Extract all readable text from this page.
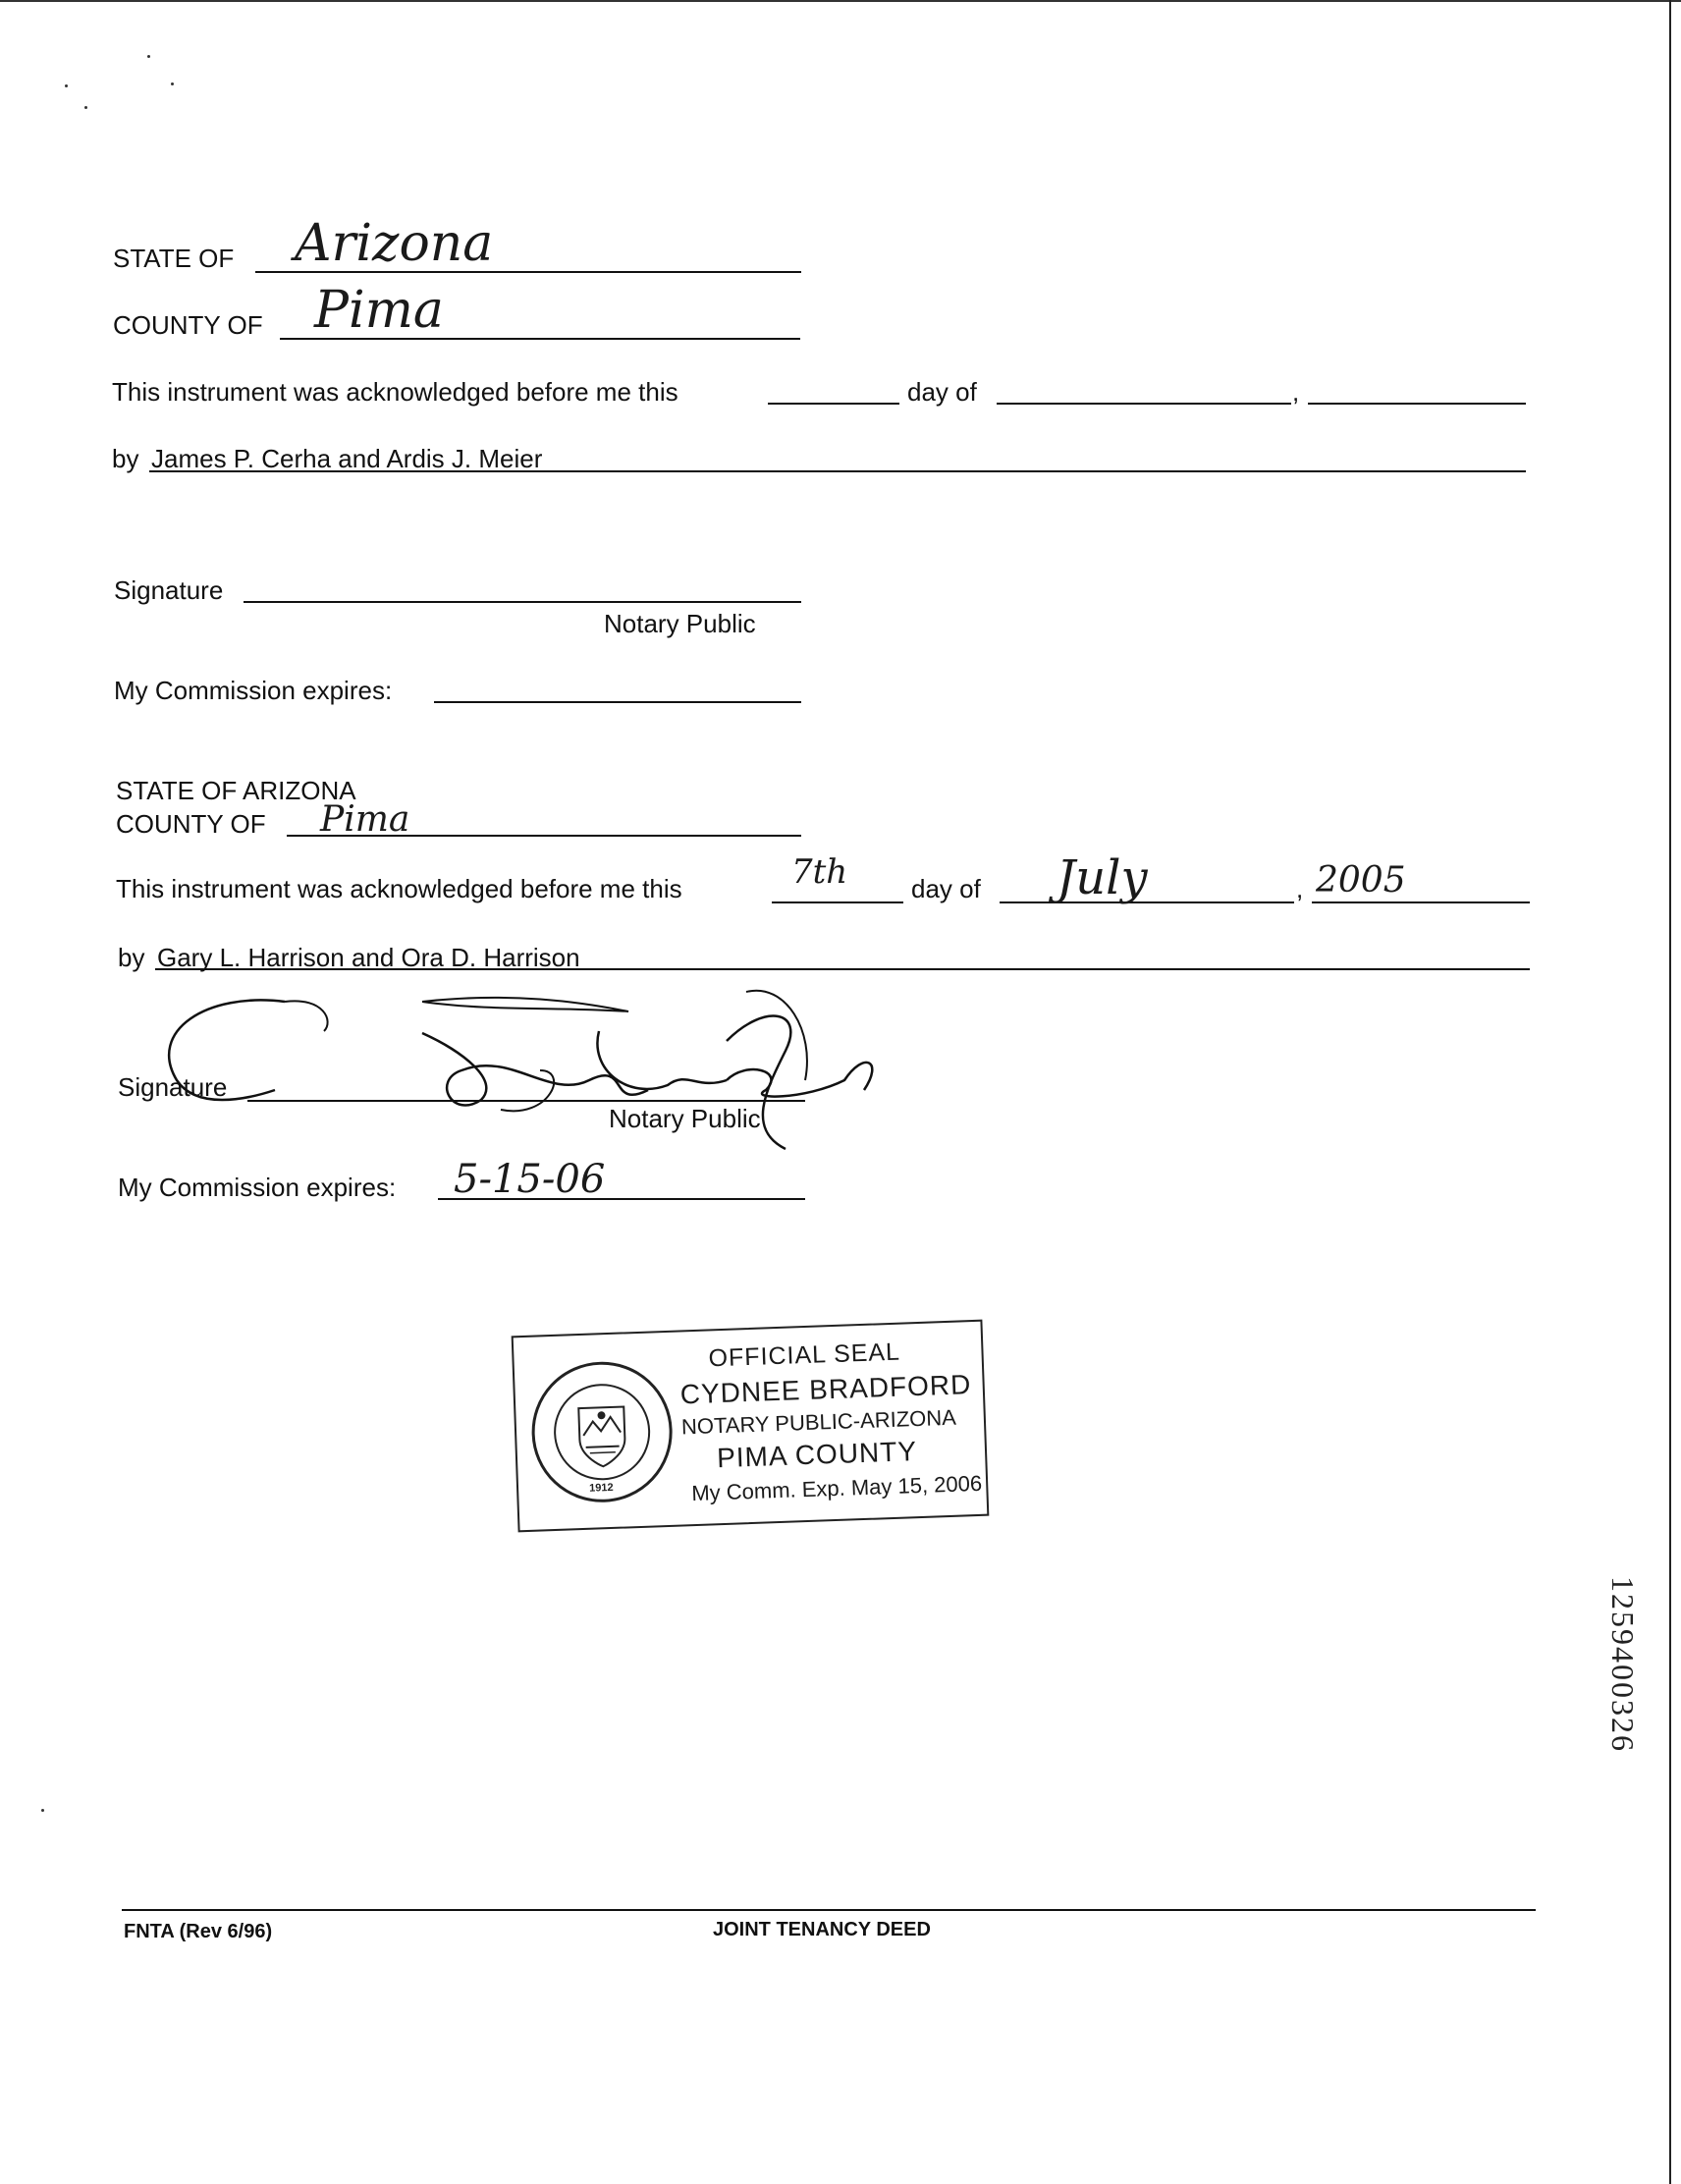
STATE OF Arizona
COUNTY OF Pima
This instrument was acknowledged before me this	day of	,
by James P. Cerha and Ardis J. Meier
Signature
Notary Public
My Commission expires:
STATE OF ARIZONA
COUNTY OF Pima
This instrument was acknowledged before me this	7th day of July	, 2005
by Gary L. Harrison and Ora D. Harrison
Signature
Notary Public
My Commission expires: 5-15-06
1912
OFFICIAL SEAL
CYDNEE BRADFORD
NOTARY PUBLIC-ARIZONA
PIMA COUNTY
My Comm. Exp. May 15, 2006
1259400326
FNTA (Rev 6/96)	JOINT TENANCY DEED
